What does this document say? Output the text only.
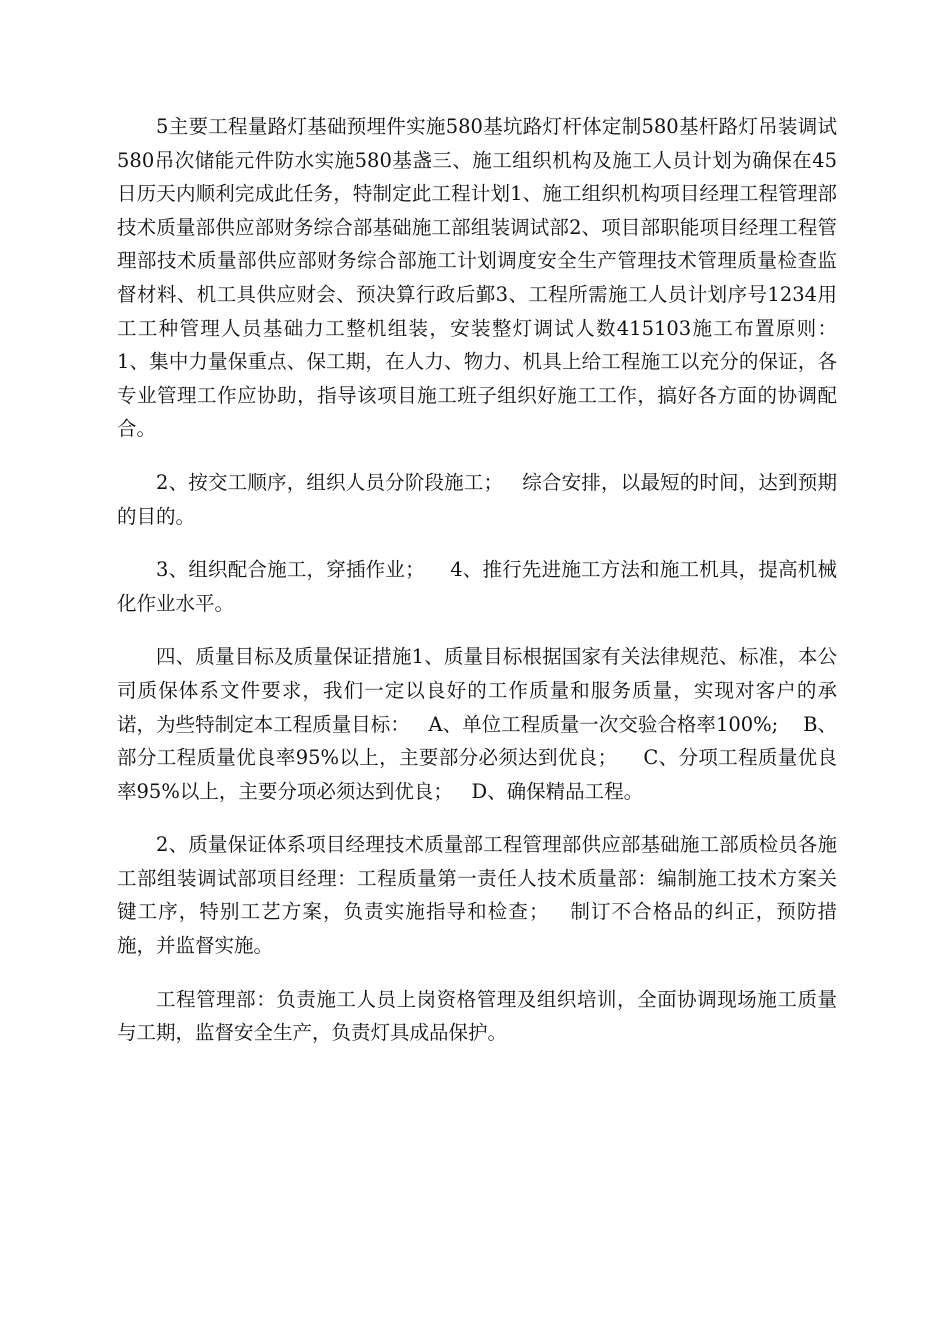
5主要工程量路灯基础预埋件实施580基坑路灯杆体定制580基杆路灯吊装调试580吊次储能元件防水实施580基盏三、施工组织机构及施工人员计划为确保在45日历天内顺利完成此任务，特制定此工程计划1、施工组织机构项目经理工程管理部技术质量部供应部财务综合部基础施工部组装调试部2、项目部职能项目经理工程管理部技术质量部供应部财务综合部施工计划调度安全生产管理技术管理质量检查监督材料、机工具供应财会、预决算行政后鄞3、工程所需施工人员计划序号1234用工工种管理人员基础力工整机组装，安装整灯调试人数415103施工布置原则：  1、集中力量保重点、保工期，在人力、物力、机具上给工程施工以充分的保证，各专业管理工作应协助，指导该项目施工班子组织好施工工作，搞好各方面的协调配合。

2、按交工顺序，组织人员分阶段施工；   综合安排，以最短的时间，达到预期的目的。

3、组织配合施工，穿插作业；    4、推行先进施工方法和施工机具，提高机械化作业水平。

四、质量目标及质量保证措施1、质量目标根据国家有关法律规范、标准，本公司质保体系文件要求，我们一定以良好的工作质量和服务质量，实现对客户的承诺，为些特制定本工程质量目标：   A、单位工程质量一次交验合格率100%;    B、部分工程质量优良率95%以上，主要部分必须达到优良；    C、分项工程质量优良率95%以上，主要分项必须达到优良；   D、确保精品工程。

2、质量保证体系项目经理技术质量部工程管理部供应部基础施工部质检员各施工部组装调试部项目经理：工程质量第一责任人技术质量部：编制施工技术方案关键工序，特别工艺方案，负责实施指导和检查；   制订不合格品的纠正，预防措施，并监督实施。

工程管理部：负责施工人员上岗资格管理及组织培训，全面协调现场施工质量与工期，监督安全生产，负责灯具成品保护。
